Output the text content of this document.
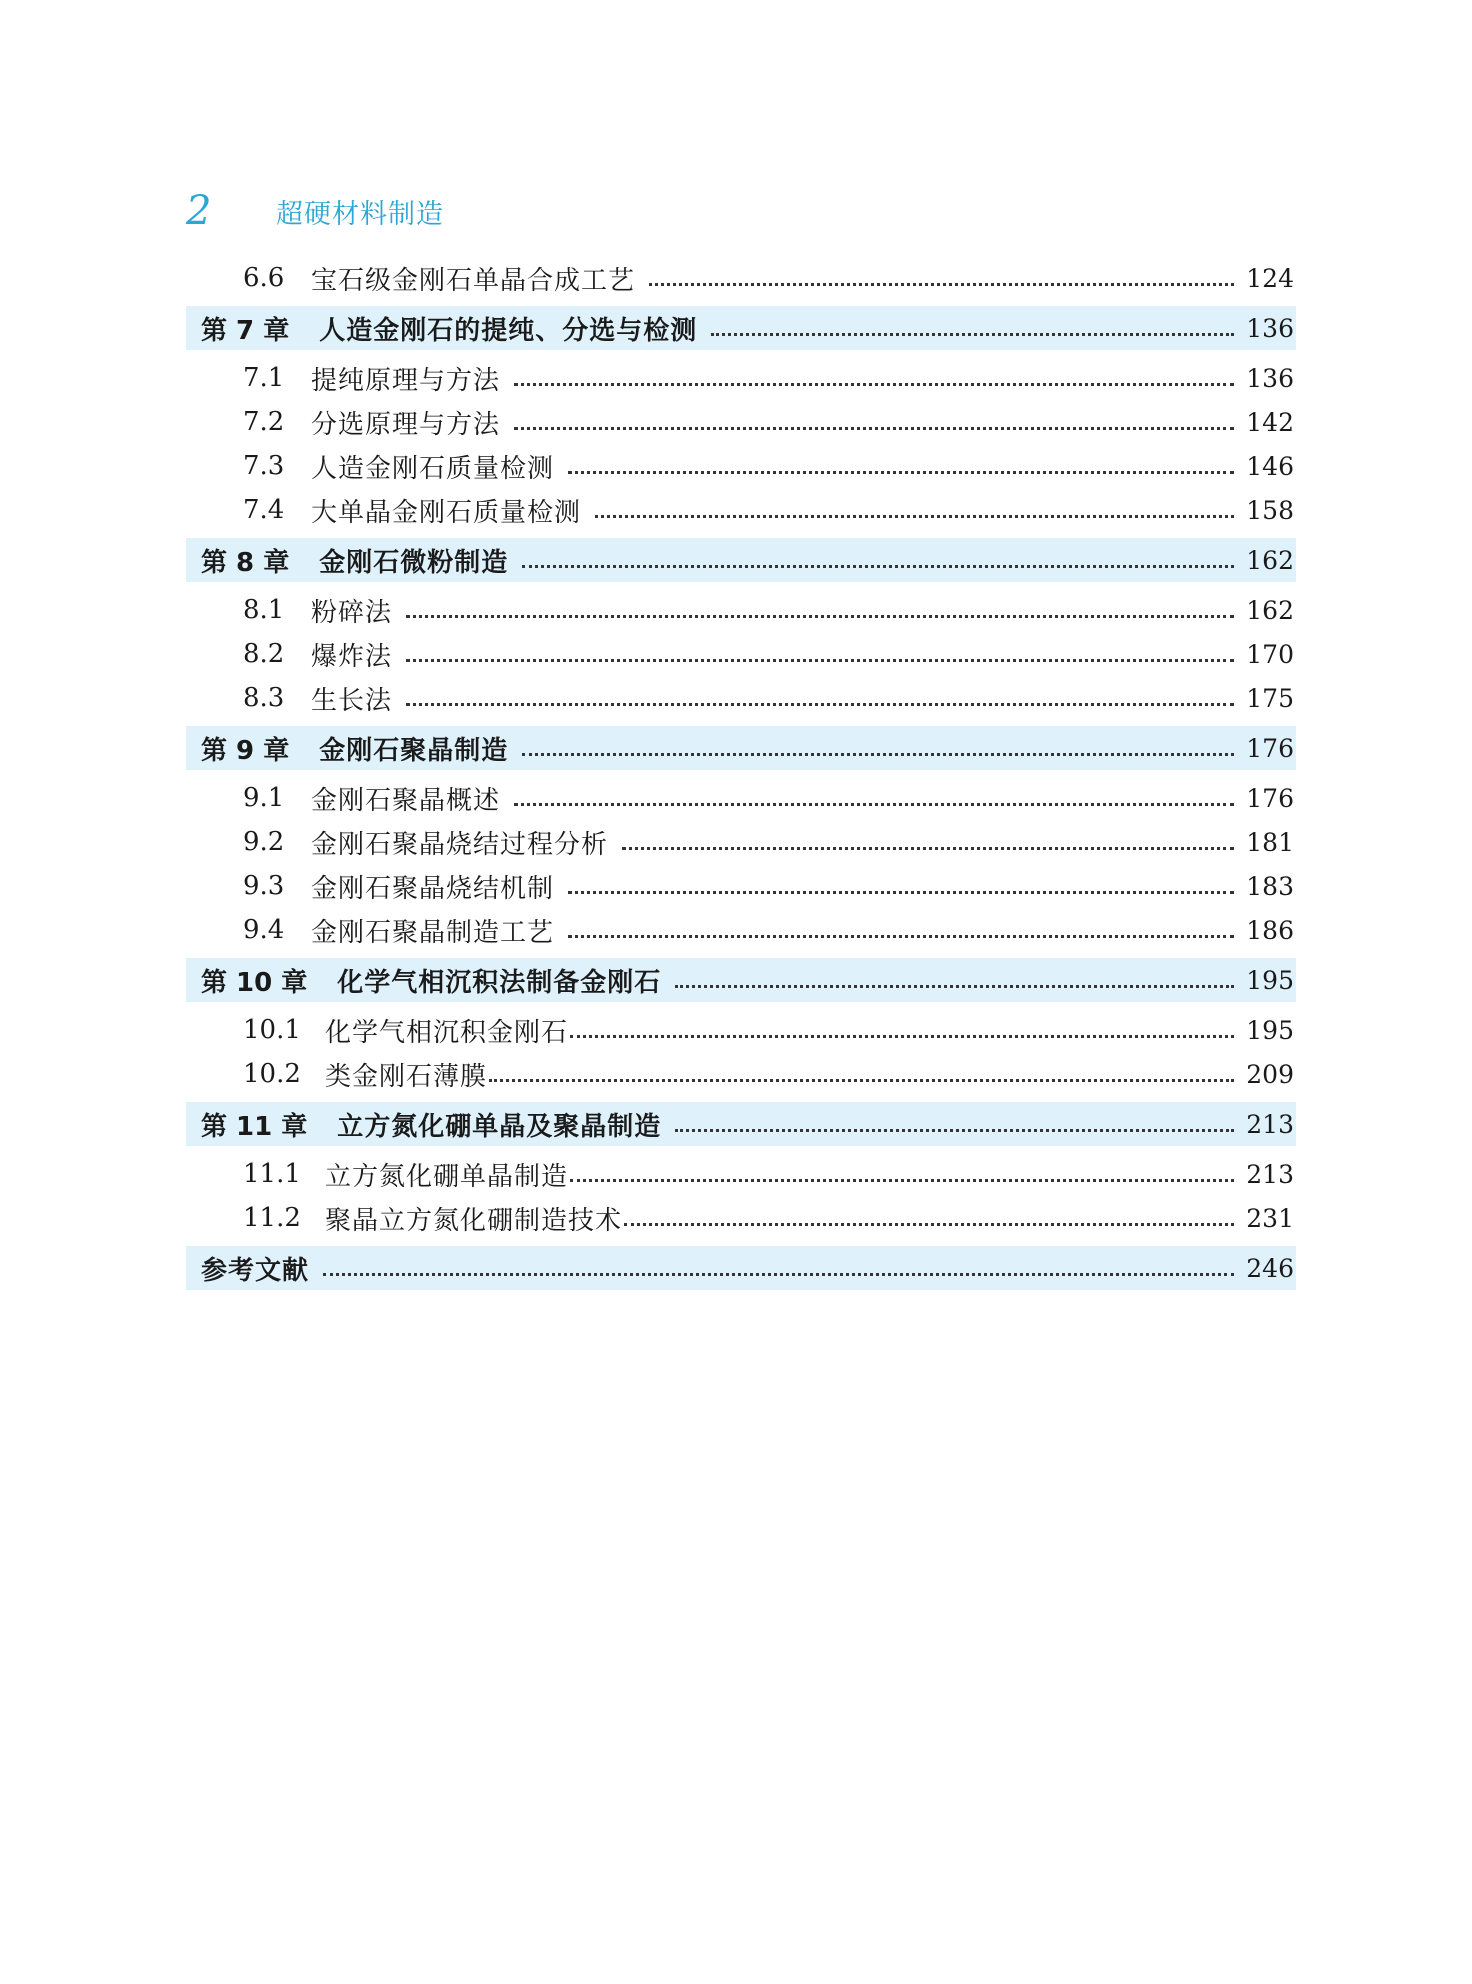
2	超硬材料制造
6.6	宝石级金刚石单晶合成工艺	124
第 7 章 人造金刚石的提纯、分选与检测	136
7.1	提纯原理与方法	136
7.2	分选原理与方法	142
7.3	人造金刚石质量检测	146
7.4	大单晶金刚石质量检测	158
第 8 章 金刚石微粉制造	162
8.1	粉碎法	162
8.2	爆炸法	170
8.3	生长法	175
第 9 章 金刚石聚晶制造	176
9.1	金刚石聚晶概述	176
9.2	金刚石聚晶烧结过程分析	181
9.3	金刚石聚晶烧结机制	183
9.4	金刚石聚晶制造工艺	186
第 10 章 化学气相沉积法制备金刚石	195
10.1 化学气相沉积金刚石	195
10.2 类金刚石薄膜	209
第 11 章 立方氮化硼单晶及聚晶制造	213
11.1 立方氮化硼单晶制造	213
11.2 聚晶立方氮化硼制造技术	231
参考文献	246
